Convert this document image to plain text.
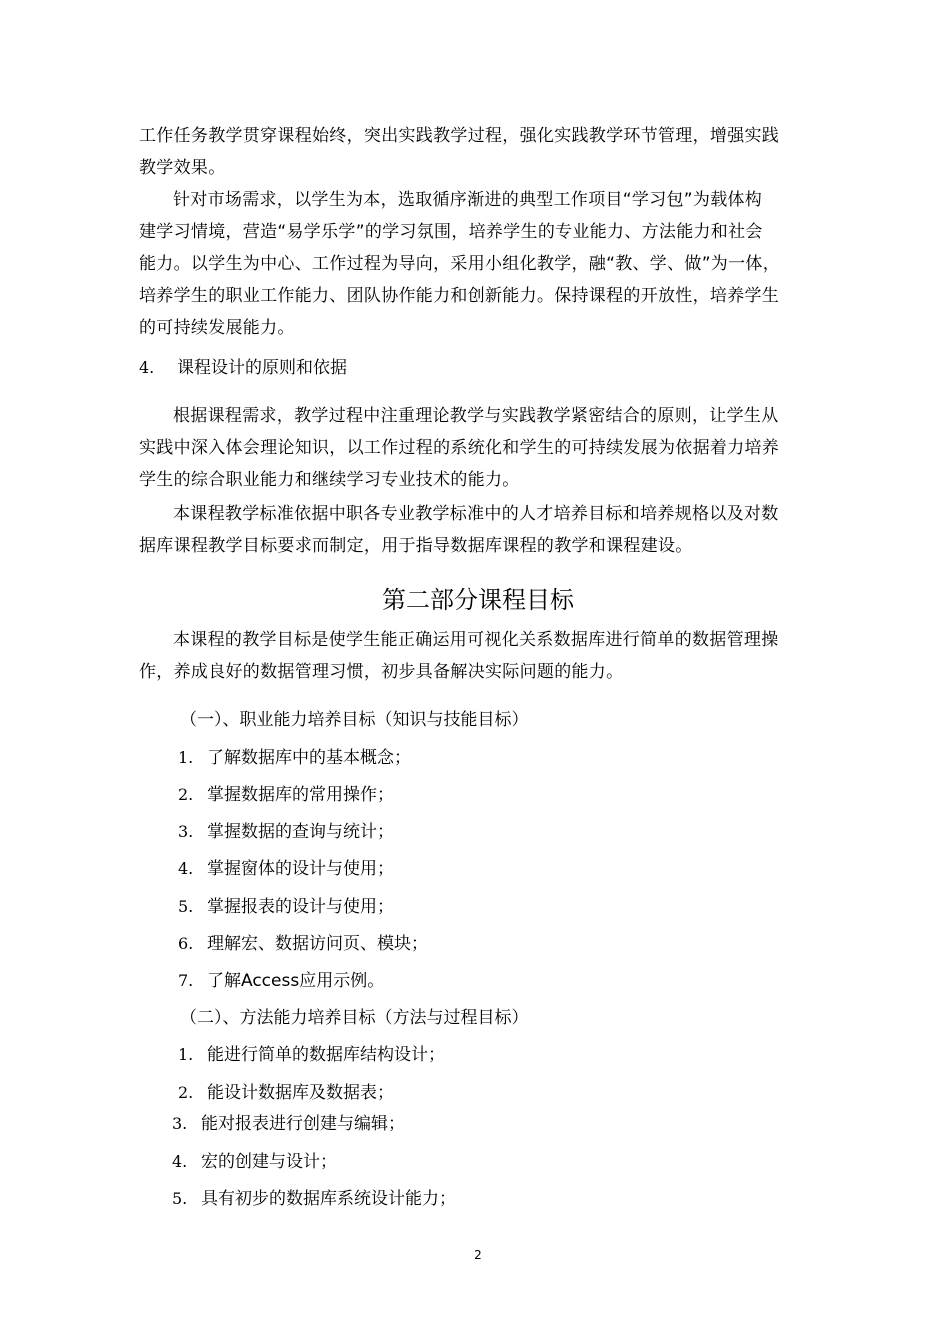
工作任务教学贯穿课程始终，突出实践教学过程，强化实践教学环节管理，增强实践
教学效果。
针对市场需求，以学生为本，选取循序渐进的典型工作项目“学习包”为载体构
建学习情境，营造“易学乐学”的学习氛围，培养学生的专业能力、方法能力和社会
能力。以学生为中心、工作过程为导向，采用小组化教学，融“教、学、做”为一体，
培养学生的职业工作能力、团队协作能力和创新能力。保持课程的开放性，培养学生
的可持续发展能力。
4. 课程设计的原则和依据
根据课程需求，教学过程中注重理论教学与实践教学紧密结合的原则，让学生从
实践中深入体会理论知识，以工作过程的系统化和学生的可持续发展为依据着力培养
学生的综合职业能力和继续学习专业技术的能力。
本课程教学标准依据中职各专业教学标准中的人才培养目标和培养规格以及对数
据库课程教学目标要求而制定，用于指导数据库课程的教学和课程建设。
第二部分课程目标
本课程的教学目标是使学生能正确运用可视化关系数据库进行简单的数据管理操
作，养成良好的数据管理习惯，初步具备解决实际问题的能力。
（一）、职业能力培养目标（知识与技能目标）
1. 了解数据库中的基本概念；
2. 掌握数据库的常用操作；
3. 掌握数据的查询与统计；
4. 掌握窗体的设计与使用；
5. 掌握报表的设计与使用；
6. 理解宏、数据访问页、模块；
7. 了解Access应用示例。
（二）、方法能力培养目标（方法与过程目标）
1. 能进行简单的数据库结构设计；
2. 能设计数据库及数据表；
3. 能对报表进行创建与编辑；
4. 宏的创建与设计；
5. 具有初步的数据库系统设计能力；
2
